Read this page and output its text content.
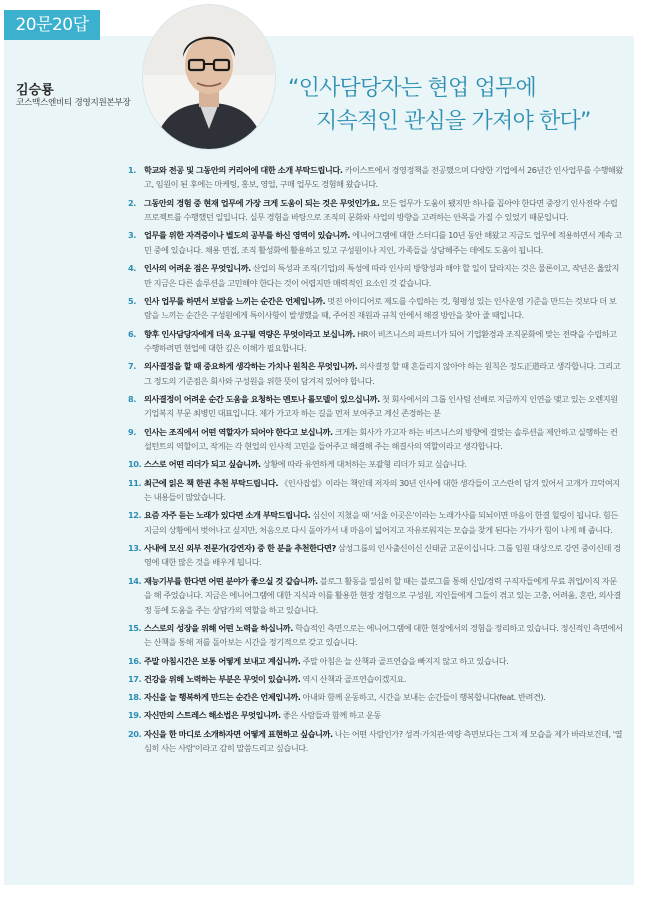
20문20답
김승룡
코스맥스엔비티 경영지원본부장
“인사담당자는 현업 업무에
지속적인 관심을 가져야 한다”
1. 학교와 전공 및 그동안의 커리어에 대한 소개 부탁드립니다. 카이스트에서 경영정책을 전공했으며 다양한 기업에서 26년간 인사업무를 수행해왔고, 임원이 된 후에는 마케팅, 홍보, 영업, 구매 업무도 경험해 왔습니다.
2. 그동안의 경험 중 현재 업무에 가장 크게 도움이 되는 것은 무엇인가요. 모든 업무가 도움이 됐지만 하나를 꼽아야 한다면 중장기 인사전략 수립 프로젝트를 수행했던 일입니다. 실무 경험을 바탕으로 조직의 문화와 사업의 방향을 고려하는 안목을 가질 수 있었기 때문입니다.
3. 업무를 위한 자격증이나 별도의 공부를 하신 영역이 있습니까. 에니어그램에 대한 스터디를 10년 동안 해왔고 지금도 업무에 적용하면서 계속 고민 중에 있습니다. 채용 면접, 조직 활성화에 활용하고 있고 구성원이나 지인, 가족들을 상담해주는 데에도 도움이 됩니다.
4. 인사의 어려운 점은 무엇입니까. 산업의 특성과 조직(기업)의 특성에 따라 인사의 방향성과 해야 할 일이 달라지는 것은 물론이고, 작년은 옳았지만 지금은 다른 솔루션을 고민해야 한다는 것이 어렵지만 매력적인 요소인 것 같습니다.
5. 인사 업무를 하면서 보람을 느끼는 순간은 언제입니까. 멋진 아이디어로 제도를 수립하는 것, 형평성 있는 인사운영 기준을 만드는 것보다 더 보람을 느끼는 순간은 구성원에게 특이사항이 발생했을 때, 주어진 재원과 규칙 안에서 해결 방안을 찾아 줄 때입니다.
6. 향후 인사담당자에게 더욱 요구될 역량은 무엇이라고 보십니까. HR이 비즈니스의 파트너가 되어 기업환경과 조직문화에 맞는 전략을 수립하고 수행하려면 현업에 대한 깊은 이해가 필요합니다.
7. 의사결정을 할 때 중요하게 생각하는 가치나 원칙은 무엇입니까. 의사결정 할 때 흔들리지 않아야 하는 원칙은 정도正道라고 생각합니다. 그리고 그 정도의 기준점은 회사와 구성원을 위한 뜻이 담겨져 있어야 합니다.
8. 의사결정이 어려운 순간 도움을 요청하는 멘토나 롤모델이 있으십니까. 첫 회사에서의 그룹 인사팀 선배로 지금까지 인연을 맺고 있는 오렌지원 기업복지 부문 최병민 대표입니다. 제가 가고자 하는 길을 먼저 보여주고 계신 존경하는 분
9. 인사는 조직에서 어떤 역할자가 되어야 한다고 보십니까. 크게는 회사가 가고자 하는 비즈니스의 방향에 걸맞는 솔루션을 제안하고 실행하는 컨설턴트의 역할이고, 작게는 각 현업의 인사적 고민을 들어주고 해결해 주는 해결사의 역할이라고 생각합니다.
10. 스스로 어떤 리더가 되고 싶습니까. 상황에 따라 유연하게 대처하는 포괄형 리더가 되고 싶습니다.
11. 최근에 읽은 책 한권 추천 부탁드립니다. 《인사잡설》이라는 책인데 저자의 30년 인사에 대한 생각들이 고스란히 담겨 있어서 고개가 끄덕여지는 내용들이 많았습니다.
12. 요즘 자주 듣는 노래가 있다면 소개 부탁드립니다. 심신이 지쳤을 때 '서울 이곳은'이라는 노래가사를 되뇌이면 마음이 한결 힐링이 됩니다. 힘든 지금의 상황에서 벗어나고 싶지만, 처음으로 다시 돌아가서 내 마음이 넓어지고 자유로워지는 모습을 찾게 된다는 가사가 힘이 나게 해 줍니다.
13. 사내에 모신 외부 전문가(강연자) 중 한 분을 추천한다면? 삼성그룹의 인사출신이신 신태균 고문이십니다. 그룹 임원 대상으로 강연 중이신데 경영에 대한 많은 것을 배우게 됩니다.
14. 재능기부를 한다면 어떤 분야가 좋으실 것 같습니까. 블로그 활동을 열심히 할 때는 블로그를 통해 신입/경력 구직자들에게 무료 취업/이직 자문을 해 주었습니다. 지금은 에니어그램에 대한 지식과 이를 활용한 현장 경험으로 구성원, 지인들에게 그들이 겪고 있는 고충, 어려움, 혼란, 의사결정 등에 도움을 주는 상담가의 역할을 하고 있습니다.
15. 스스로의 성장을 위해 어떤 노력을 하십니까. 학습적인 측면으로는 에니어그램에 대한 현장에서의 경험을 정리하고 있습니다. 정신적인 측면에서는 산책을 통해 저를 돌아보는 시간을 정기적으로 갖고 있습니다.
16. 주말 아침시간은 보통 어떻게 보내고 계십니까. 주말 아침은 늘 산책과 골프연습을 빠지지 않고 하고 있습니다.
17. 건강을 위해 노력하는 부분은 무엇이 있습니까. 역시 산책과 골프연습이겠지요.
18. 자신을 늘 행복하게 만드는 순간은 언제입니까. 아내와 함께 운동하고, 시간을 보내는 순간들이 행복합니다(feat. 반려견).
19. 자신만의 스트레스 해소법은 무엇입니까. 좋은 사람들과 함께 하고 운동
20. 자신을 한 마디로 소개하자면 어떻게 표현하고 싶습니까. 나는 어떤 사람인가? 성격·가치관·역량 측면보다는 그저 제 모습을 제가 바라보건데, '열심히 사는 사람'이라고 감히 말씀드리고 싶습니다.
